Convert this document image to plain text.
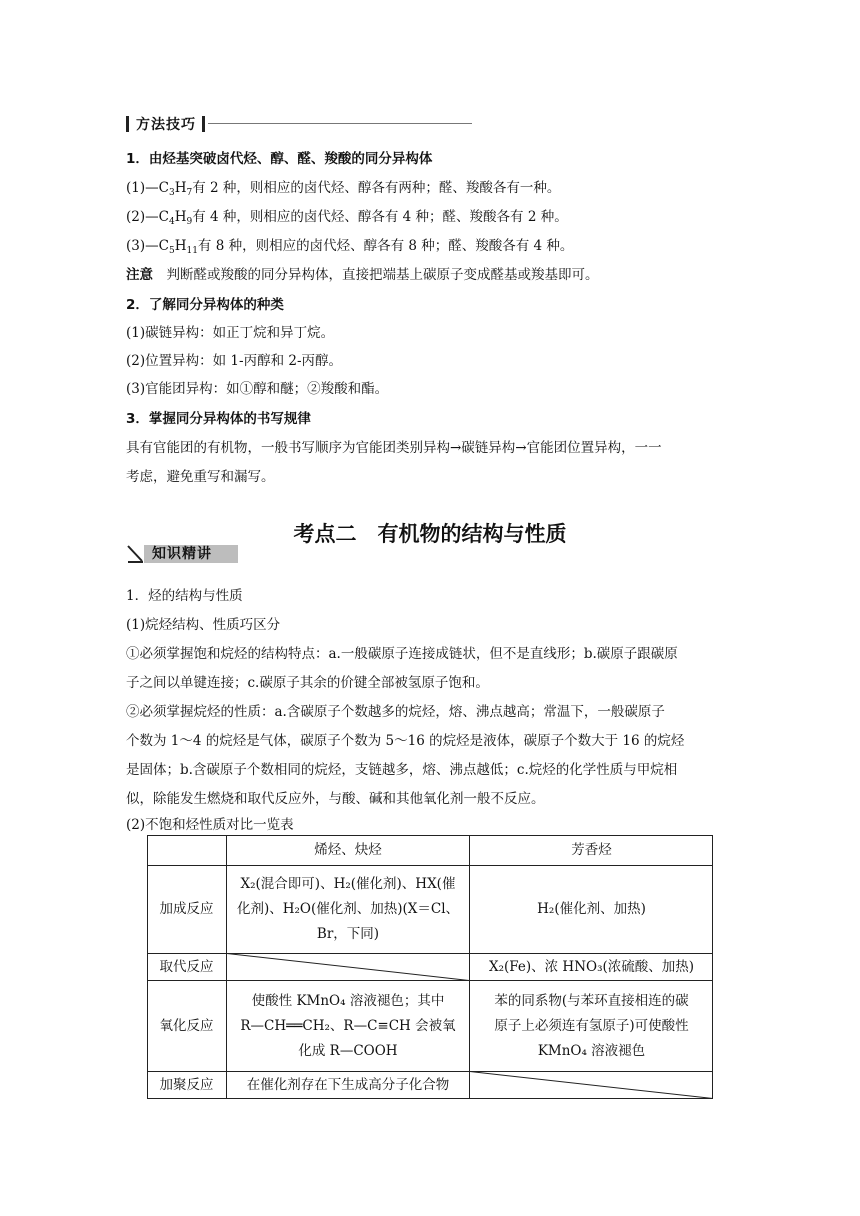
方法技巧
1．由烃基突破卤代烃、醇、醛、羧酸的同分异构体
$(1)—C_3H_7$有 2 种，则相应的卤代烃、醇各有两种；醛、羧酸各有一种。
$(2)—C_4H_9$有 4 种，则相应的卤代烃、醇各有 4 种；醛、羧酸各有 2 种。
$(3)—C_5H_{11}$有 8 种，则相应的卤代烃、醇各有 8 种；醛、羧酸各有 4 种。
注意　 判断醛或羧酸的同分异构体，直接把端基上碳原子变成醛基或羧基即可。
2．了解同分异构体的种类
(1)碳链异构：如正丁烷和异丁烷。
(2)位置异构：如 1-丙醇和 2-丙醇。
(3)官能团异构：如①醇和醚；②羧酸和酯。
3．掌握同分异构体的书写规律
具有官能团的有机物，一般书写顺序为官能团类别异构→碳链异构→官能团位置异构，一一
考虑，避免重写和漏写。
考点二　有机物的结构与性质
知识精讲
1．烃的结构与性质
(1)烷烃结构、性质巧区分
①必须掌握饱和烷烃的结构特点：a.一般碳原子连接成链状，但不是直线形；b.碳原子跟碳原
子之间以单键连接；c.碳原子其余的价键全部被氢原子饱和。
②必须掌握烷烃的性质：a.含碳原子个数越多的烷烃，熔、沸点越高；常温下，一般碳原子
个数为 1～4 的烷烃是气体，碳原子个数为 5～16 的烷烃是液体，碳原子个数大于 16 的烷烃
是固体；b.含碳原子个数相同的烷烃，支链越多，熔、沸点越低；c.烷烃的化学性质与甲烷相
似，除能发生燃烧和取代反应外，与酸、碱和其他氧化剂一般不反应。
(2)不饱和烃性质对比一览表
烯烃、炔烃	芳香烃
加成反应
X₂(混合即可)、H₂(催化剂)、HX(催
化剂)、H₂O(催化剂、加热)(X＝Cl、
Br，下同)
H₂(催化剂、加热)
取代反应	X₂(Fe)、浓 HNO₃(浓硫酸、加热)
氧化反应
使酸性 KMnO₄ 溶液褪色；其中
R—CH══CH₂、R—C≡CH 会被氧
化成 R—COOH
苯的同系物(与苯环直接相连的碳
原子上必须连有氢原子)可使酸性
KMnO₄ 溶液褪色
加聚反应 在催化剂存在下生成高分子化合物
